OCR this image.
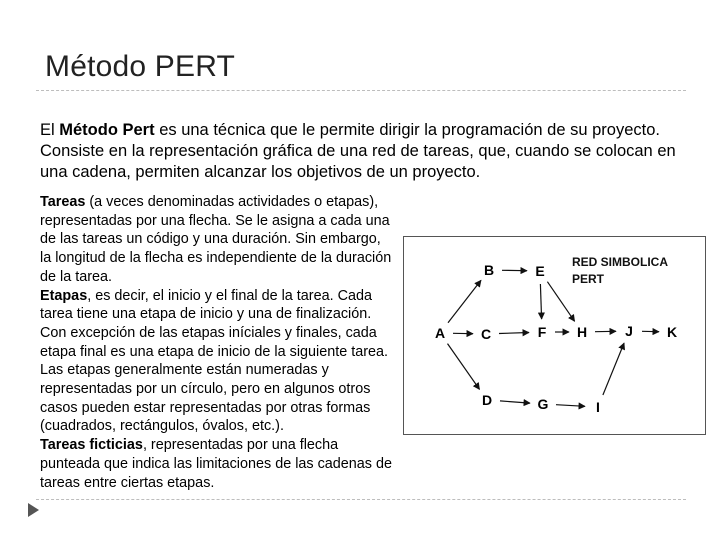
Método PERT

El Método Pert es una técnica que le permite dirigir la programación de su proyecto. Consiste en la representación gráfica de una red de tareas, que, cuando se colocan en una cadena, permiten alcanzar los objetivos de un proyecto.

Tareas (a veces denominadas actividades o etapas), representadas por una flecha. Se le asigna a cada una de las tareas un código y una duración. Sin embargo, la longitud de la flecha es independiente de la duración de la tarea.
Etapas, es decir, el inicio y el final de la tarea. Cada tarea tiene una etapa de inicio y una de finalización. Con excepción de las etapas iníciales y finales, cada etapa final es una etapa de inicio de la siguiente tarea. Las etapas generalmente están numeradas y representadas por un círculo, pero en algunos otros casos pueden estar representadas por otras formas (cuadrados, rectángulos, óvalos, etc.).
Tareas ficticias, representadas por una flecha punteada que indica las limitaciones de las cadenas de tareas entre ciertas etapas.
RED SIMBOLICA
PERT
A
B
C
D
E
F
G
H
I
J	K
